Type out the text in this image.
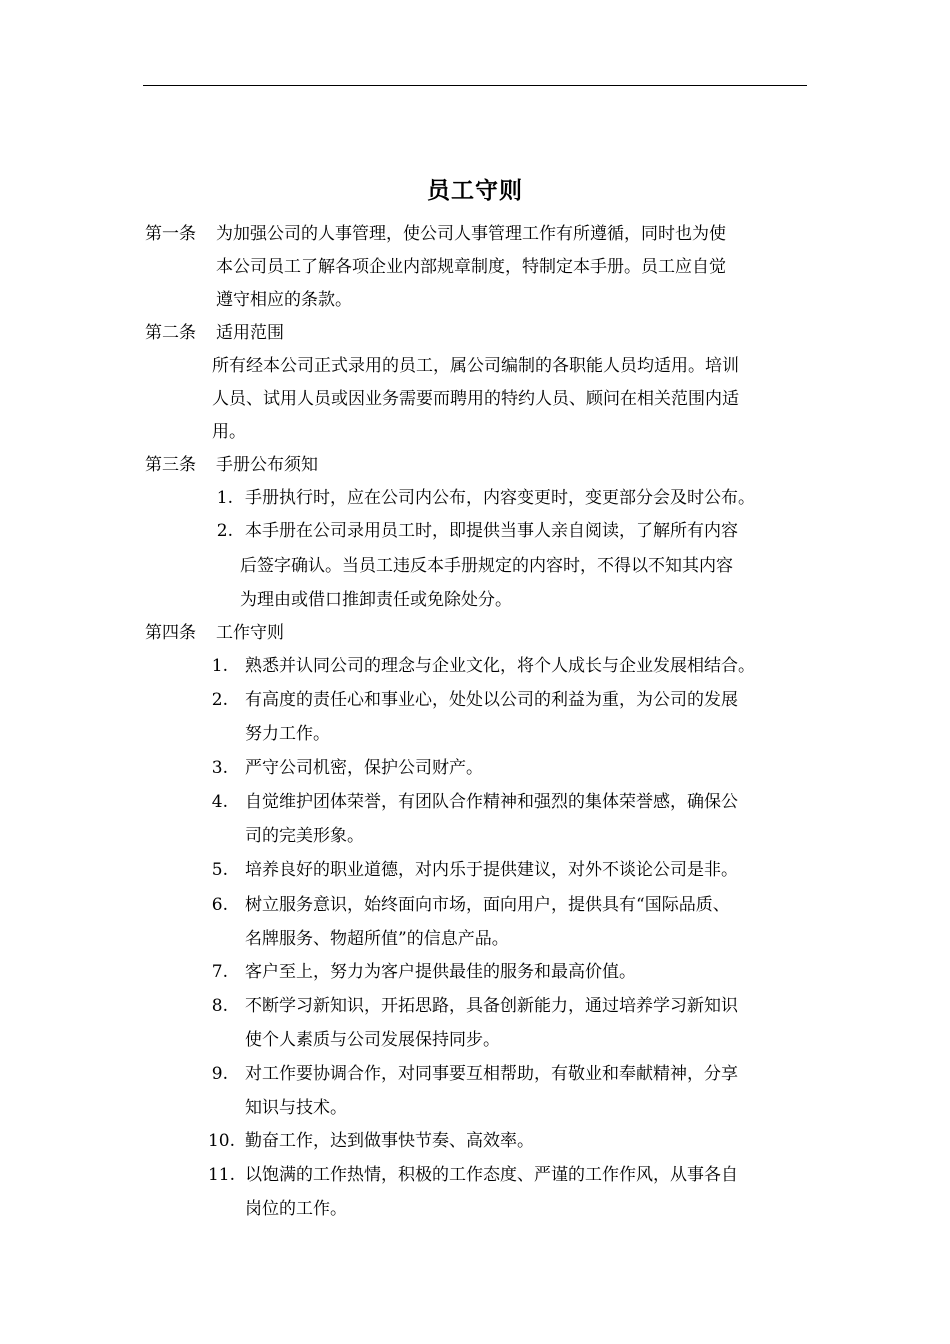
员工守则
第一条 为加强公司的人事管理，使公司人事管理工作有所遵循，同时也为使
本公司员工了解各项企业内部规章制度，特制定本手册。员工应自觉
遵守相应的条款。
第二条 适用范围
所有经本公司正式录用的员工，属公司编制的各职能人员均适用。培训
人员、试用人员或因业务需要而聘用的特约人员、顾问在相关范围内适
用。
第三条 手册公布须知
1. 手册执行时，应在公司内公布，内容变更时，变更部分会及时公布。
2. 本手册在公司录用员工时，即提供当事人亲自阅读，了解所有内容
后签字确认。当员工违反本手册规定的内容时，不得以不知其内容
为理由或借口推卸责任或免除处分。
第四条 工作守则
1. 熟悉并认同公司的理念与企业文化，将个人成长与企业发展相结合。
2. 有高度的责任心和事业心，处处以公司的利益为重，为公司的发展
努力工作。
3. 严守公司机密，保护公司财产。
4. 自觉维护团体荣誉，有团队合作精神和强烈的集体荣誉感，确保公
司的完美形象。
5. 培养良好的职业道德，对内乐于提供建议，对外不谈论公司是非。
6. 树立服务意识，始终面向市场，面向用户，提供具有“国际品质、
名牌服务、物超所值”的信息产品。
7. 客户至上，努力为客户提供最佳的服务和最高价值。
8. 不断学习新知识，开拓思路，具备创新能力，通过培养学习新知识
使个人素质与公司发展保持同步。
9. 对工作要协调合作，对同事要互相帮助，有敬业和奉献精神，分享
知识与技术。
10. 勤奋工作，达到做事快节奏、高效率。
11. 以饱满的工作热情，积极的工作态度、严谨的工作作风，从事各自
岗位的工作。
